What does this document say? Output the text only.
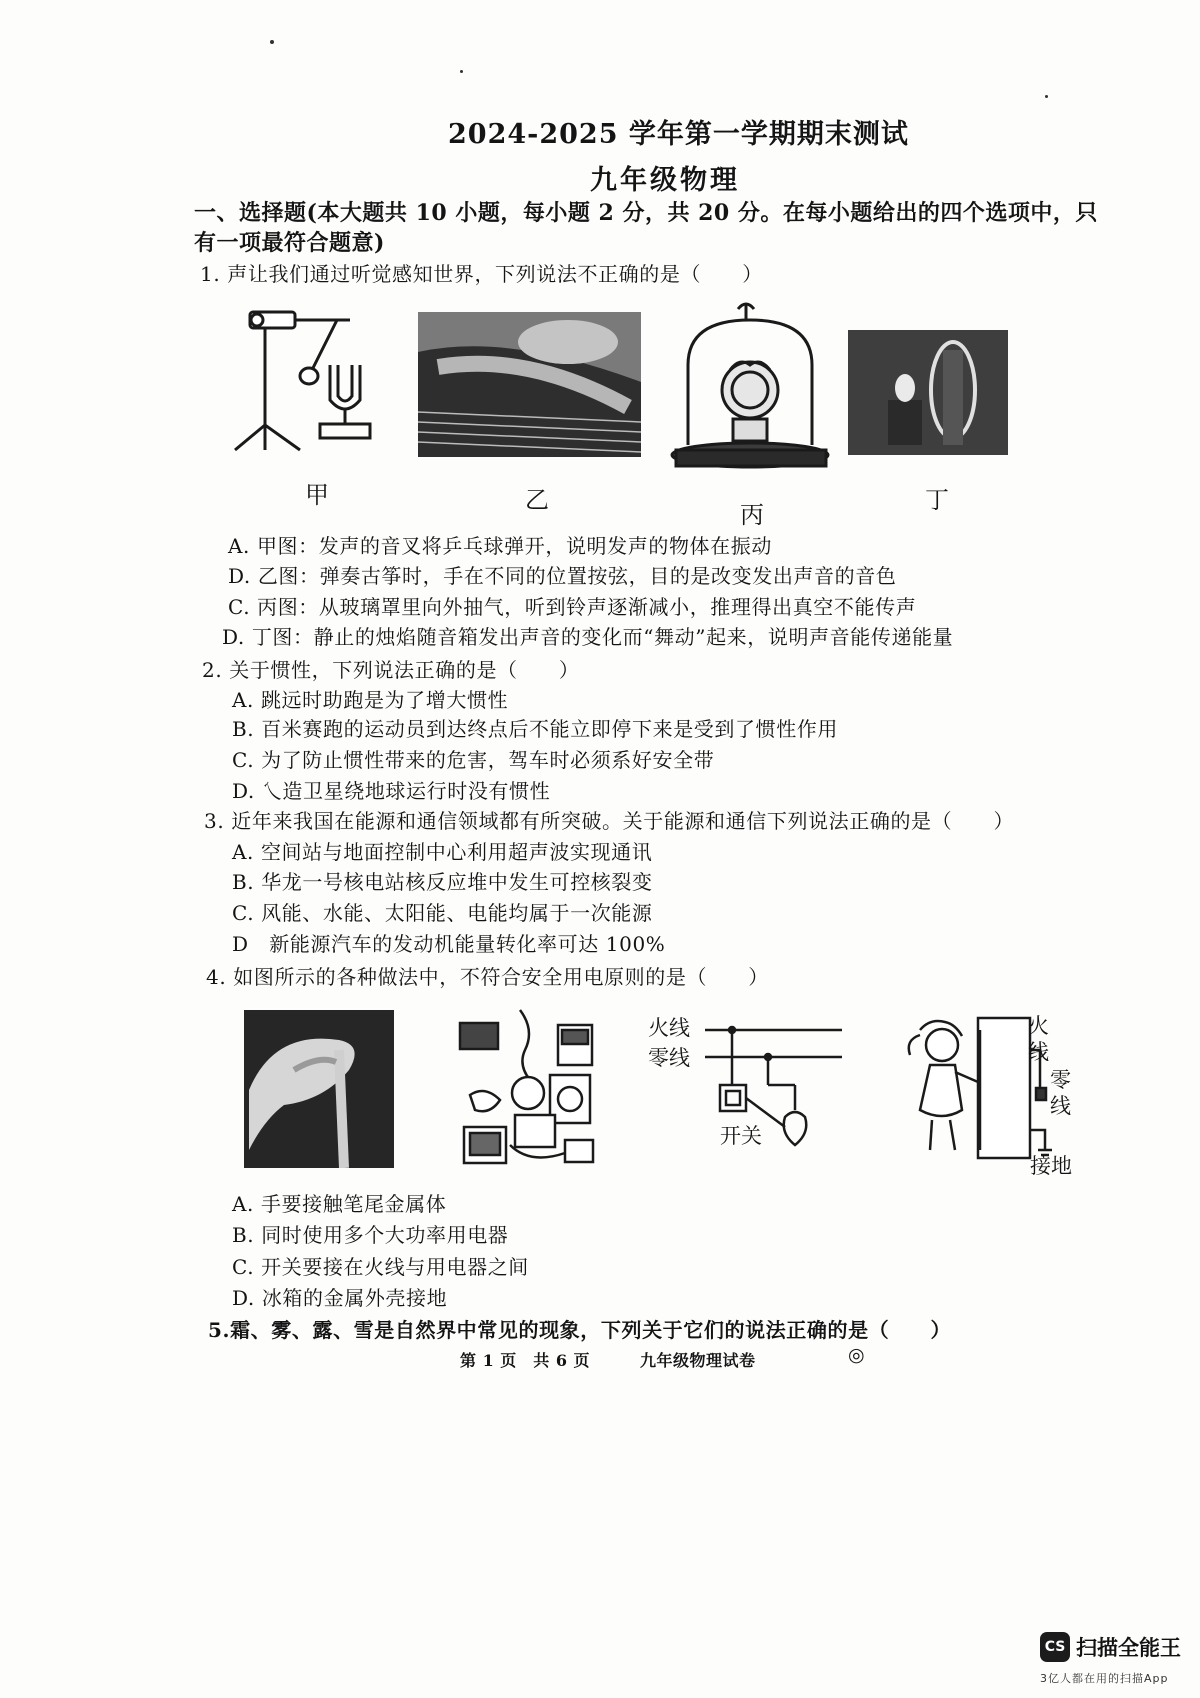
2024-2025 学年第一学期期末测试
九年级物理
一、选择题(本大题共 10 小题，每小题 2 分，共 20 分。在每小题给出的四个选项中，只
有一项最符合题意)
1. 声让我们通过听觉感知世界，下列说法不正确的是（　　）
甲	乙
丙
丁
A. 甲图：发声的音叉将乒乓球弹开，说明发声的物体在振动
D. 乙图：弹奏古筝时，手在不同的位置按弦，目的是改变发出声音的音色
C. 丙图：从玻璃罩里向外抽气，听到铃声逐渐减小，推理得出真空不能传声
D. 丁图：静止的烛焰随音箱发出声音的变化而“舞动”起来，说明声音能传递能量
2. 关于惯性，下列说法正确的是（　　）
A. 跳远时助跑是为了增大惯性
B. 百米赛跑的运动员到达终点后不能立即停下来是受到了惯性作用
C. 为了防止惯性带来的危害，驾车时必须系好安全带
D. 乀造卫星绕地球运行时没有惯性
3. 近年来我国在能源和通信领域都有所突破。关于能源和通信下列说法正确的是（　　）
A. 空间站与地面控制中心利用超声波实现通讯
B. 华龙一号核电站核反应堆中发生可控核裂变
C. 风能、水能、太阳能、电能均属于一次能源
D　新能源汽车的发动机能量转化率可达 100%
4. 如图所示的各种做法中，不符合安全用电原则的是（　　）
火线
零线
开关
火
线
零
线
接地
A. 手要接触笔尾金属体
B. 同时使用多个大功率用电器
C. 开关要接在火线与用电器之间
D. 冰箱的金属外壳接地
5.霜、雾、露、雪是自然界中常见的现象，下列关于它们的说法正确的是（　　）
第 1 页　共 6 页	九年级物理试卷	◎
CS 扫描全能王
3亿人都在用的扫描App
